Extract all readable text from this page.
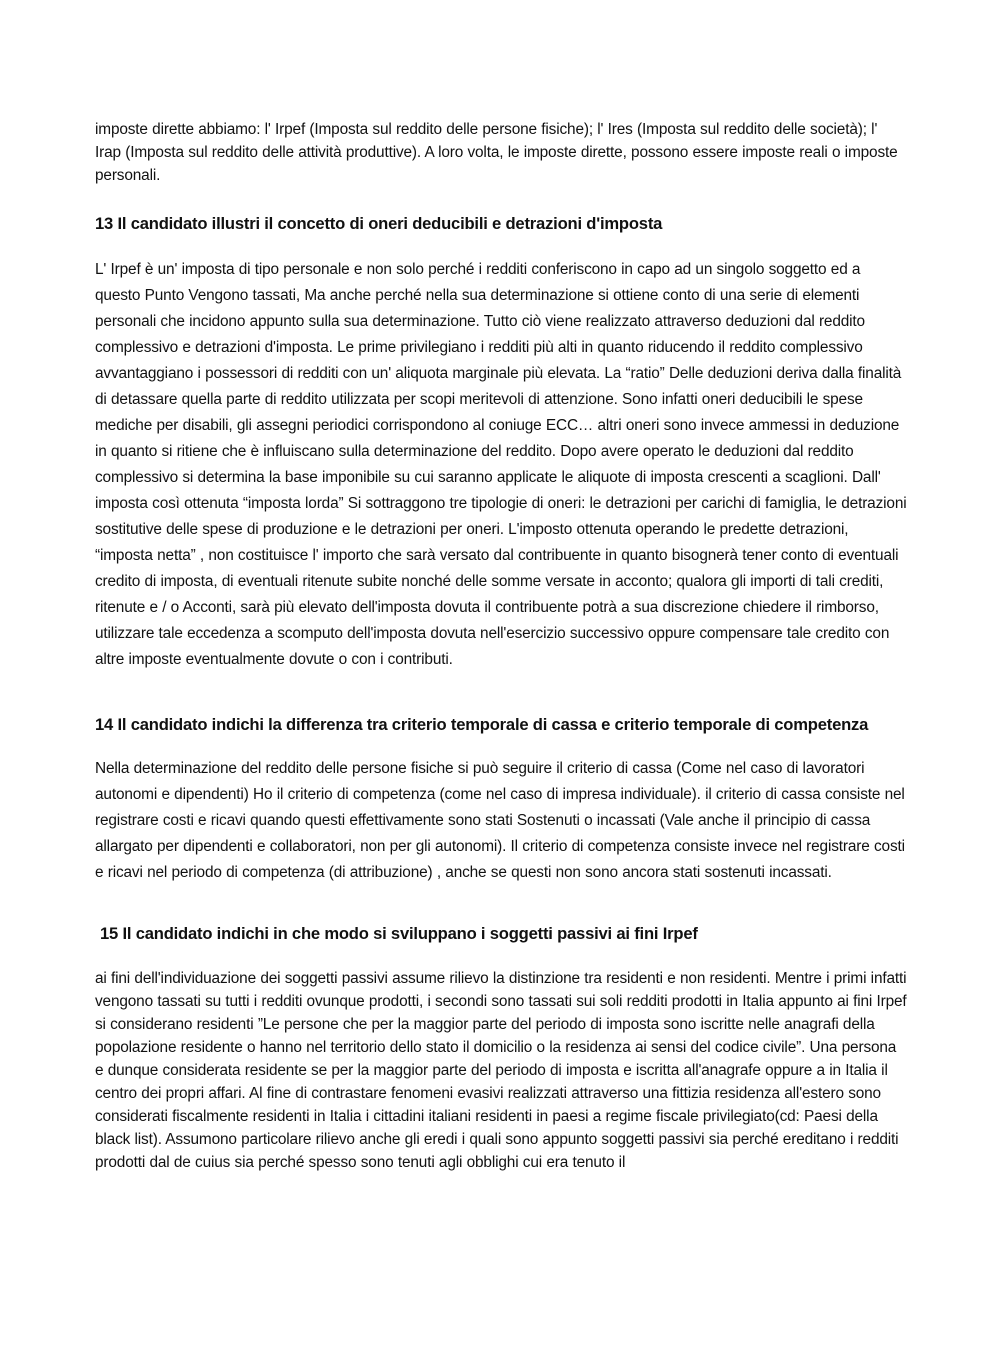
imposte dirette abbiamo: l' Irpef (Imposta sul reddito delle persone fisiche); l' Ires (Imposta sul reddito delle società); l' Irap (Imposta sul reddito delle attività produttive). A loro volta, le imposte dirette, possono essere imposte reali o imposte personali.

13 Il candidato illustri il concetto di oneri deducibili e detrazioni d'imposta

L' Irpef è un' imposta di tipo personale e non solo perché i redditi conferiscono in capo ad un singolo soggetto ed a questo Punto Vengono tassati, Ma anche perché nella sua determinazione si ottiene conto di una serie di elementi personali che incidono appunto sulla sua determinazione. Tutto ciò viene realizzato attraverso deduzioni dal reddito complessivo e detrazioni d'imposta. Le prime privilegiano i redditi più alti in quanto riducendo il reddito complessivo avvantaggiano i possessori di redditi con un' aliquota marginale più elevata. La “ratio” Delle deduzioni deriva dalla finalità di detassare quella parte di reddito utilizzata per scopi meritevoli di attenzione. Sono infatti oneri deducibili le spese mediche per disabili, gli assegni periodici corrispondono al coniuge ECC… altri oneri sono invece ammessi in deduzione in quanto si ritiene che è influiscano sulla determinazione del reddito. Dopo avere operato le deduzioni dal reddito complessivo si determina la base imponibile su cui saranno applicate le aliquote di imposta crescenti a scaglioni. Dall' imposta così ottenuta “imposta lorda” Si sottraggono tre tipologie di oneri: le detrazioni per carichi di famiglia, le detrazioni sostitutive delle spese di produzione e le detrazioni per oneri. L'imposto ottenuta operando le predette detrazioni, “imposta netta” , non costituisce l' importo che sarà versato dal contribuente in quanto bisognerà tener conto di eventuali credito di imposta, di eventuali ritenute subite nonché delle somme versate in acconto; qualora gli importi di tali crediti, ritenute e / o Acconti, sarà più elevato dell'imposta dovuta il contribuente potrà a sua discrezione chiedere il rimborso, utilizzare tale eccedenza a scomputo dell'imposta dovuta nell'esercizio successivo oppure compensare tale credito con altre imposte eventualmente dovute o con i contributi.

14 Il candidato indichi la differenza tra criterio temporale di cassa e criterio temporale di competenza

Nella determinazione del reddito delle persone fisiche si può seguire il criterio di cassa (Come nel caso di lavoratori autonomi e dipendenti) Ho il criterio di competenza (come nel caso di impresa individuale). il criterio di cassa consiste nel registrare costi e ricavi quando questi effettivamente sono stati Sostenuti o incassati (Vale anche il principio di cassa allargato per dipendenti e collaboratori, non per gli autonomi). Il criterio di competenza consiste invece nel registrare costi e ricavi nel periodo di competenza (di attribuzione) , anche se questi non sono ancora stati sostenuti incassati.

15 Il candidato indichi in che modo si sviluppano i soggetti passivi ai fini Irpef

ai fini dell'individuazione dei soggetti passivi assume rilievo la distinzione tra residenti e non residenti. Mentre i primi infatti vengono tassati su tutti i redditi ovunque prodotti, i secondi sono tassati sui soli redditi prodotti in Italia appunto ai fini Irpef si considerano residenti ”Le persone che per la maggior parte del periodo di imposta sono iscritte nelle anagrafi della popolazione residente o hanno nel territorio dello stato il domicilio o la residenza ai sensi del codice civile”. Una persona e dunque considerata residente se per la maggior parte del periodo di imposta e iscritta all'anagrafe oppure a in Italia il centro dei propri affari. Al fine di contrastare fenomeni evasivi realizzati attraverso una fittizia residenza all'estero sono considerati fiscalmente residenti in Italia i cittadini italiani residenti in paesi a regime fiscale privilegiato(cd: Paesi della black list). Assumono particolare rilievo anche gli eredi i quali sono appunto soggetti passivi sia perché ereditano i redditi prodotti dal de cuius sia perché spesso sono tenuti agli obblighi cui era tenuto il
